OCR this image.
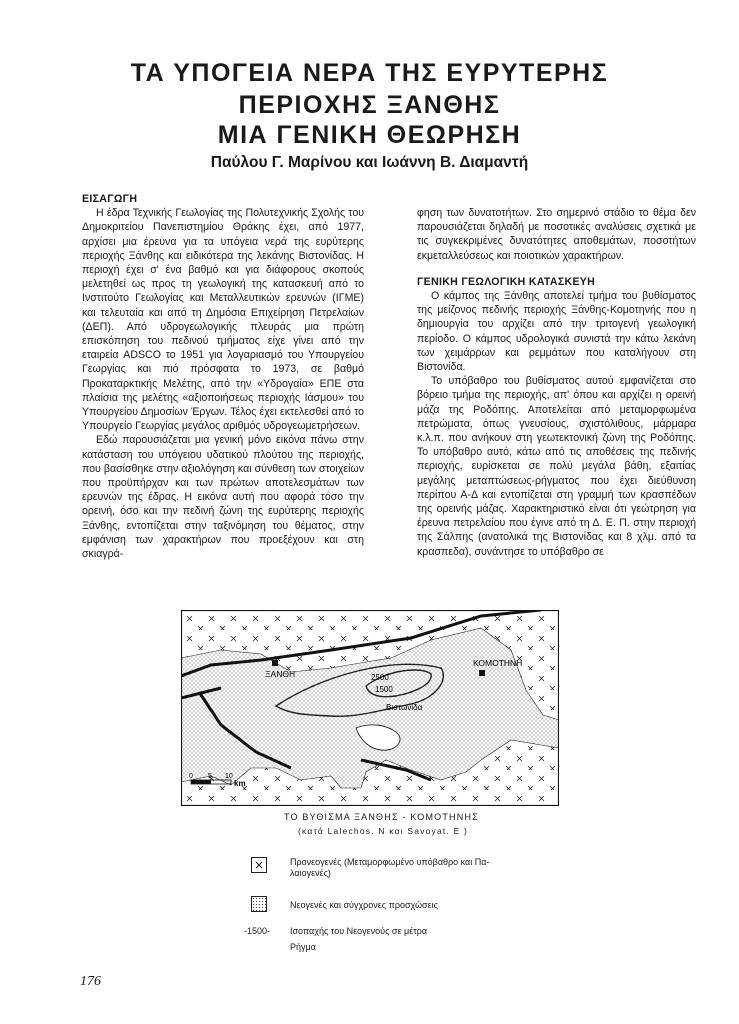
ΤΑ ΥΠΟΓΕΙΑ ΝΕΡΑ ΤΗΣ ΕΥΡΥΤΕΡΗΣ
ΠΕΡΙΟΧΗΣ ΞΑΝΘΗΣ
ΜΙΑ ΓΕΝΙΚΗ ΘΕΩΡΗΣΗ
Παύλου Γ. Μαρίνου και Ιωάννη Β. Διαμαντή
ΕΙΣΑΓΩΓΗ

Η έδρα Τεχνικής Γεωλογίας της Πολυτεχνικής Σχολής του Δημοκριτείου Πανεπιστημίου Θράκης έχει, από 1977, αρχίσει μια έρευνα για τα υπόγεια νερά της ευρύτερης περιοχής Ξάνθης και ειδικότερα της λεκάνης Βιστονίδας. Η περιοχή έχει σ' ένα βαθμό και για διάφορους σκοπούς μελετηθεί ως προς τη γεωλογική της κατασκευή από το Ινστιτούτο Γεωλογίας και Μεταλλευτικών ερευνών (ΙΓΜΕ) και τελευταία και από τη Δημόσια Επιχείρηση Πετρελαίων (ΔΕΠ). Από υδρογεωλογικής πλευράς μια πρώτη επισκόπηση του πεδινού τμήματος είχε γίνει από την εταιρεία ADSCO το 1951 για λογαριασμό του Υπουργείου Γεωργίας και πιό πρόσφατα το 1973, σε βαθμό Προκαταρκτικής Μελέτης, από την «Υδρογαία» ΕΠΕ στα πλαίσια της μελέτης «αξιοποιήσεως περιοχής Ιάσμου» του Υπουργείου Δημοσίων Έργων. Τέλος έχει εκτελεσθεί από το Υπουργείο Γεωργίας μεγάλος αριθμός υδρογεωμετρήσεων.

Εδώ παρουσιάζεται μια γενική μόνο εικόνα πάνω στην κατάσταση του υπόγειου υδατικού πλούτου της περιοχής, που βασίσθηκε στην αξιολόγηση και σύνθεση των στοιχείων που προϋπήρχαν και των πρώτων αποτελεσμάτων των ερευνών της έδρας. Η εικόνα αυτή που αφορά τόσο την ορεινή, όσο και την πεδινή ζώνη της ευρύτερης περιοχής Ξάνθης, εντοπίζεται στην ταξινόμηση του θέματος, στην εμφάνιση των χαρακτήρων που προεξέχουν και στη σκιαγρά-

φηση των δυνατοτήτων. Στο σημερινό στάδιο το θέμα δεν παρουσιάζεται δηλαδή με ποσοτικές αναλύσεις σχετικά με τις συγκεκριμένες δυνατότητες αποθεμάτων, ποσοτήτων εκμεταλλεύσεως και ποιοτικών χαρακτήρων.

ΓΕΝΙΚΗ ΓΕΩΛΟΓΙΚΗ ΚΑΤΑΣΚΕΥΗ

Ο κάμπος της Ξάνθης αποτελεί τμήμα του βυθίσματος της μείζονος πεδινής περιοχής Ξάνθης-Κομοτηνής που η δημιουργία του αρχίζει από την τριτογενή γεωλογική περίοδο. Ο κάμπος υδρολογικά συνιστά την κάτω λεκάνη των χειμάρρων και ρεμμάτων που καταλήγουν στη Βιστονίδα.

Το υπόβαθρο του βυθίσματος αυτού εμφανίζεται στο βόρειο τμήμα της περιοχής, απ' όπου και αρχίζει η ορεινή μάζα της Ροδόπης. Αποτελείται από μεταμορφωμένα πετρώματα, όπως γνευσίους, σχιστόλιθους, μάρμαρα κ.λ.π. που ανήκουν στη γεωτεκτονική ζώνη της Ροδόπης. Το υπόβαθρο αυτό, κάτω από τις αποθέσεις της πεδινής περιοχής, ευρίσκεται σε πολύ μεγάλα βάθη, εξαιτίας μεγάλης μεταπτώσεως-ρήγματος που έχει διεύθυνση περίπου Α-Δ και εντοπίζεται στη γραμμή των κρασπέδων της ορεινής μάζας. Χαρακτηριστικό είναι ότι γεώτρηση για έρευνα πετρελαίου που έγινε από τη Δ. Ε. Π. στην περιοχή της Σάλπης (ανατολικά της Βιστονίδας και 8 χλμ. από τα κρασπεδα), συνάντησε το υπόβαθρο σε

ΞΑΝΘΗ
ΚΟΜΟΤΗΝΗ
2500
1500
Βιστωνίδα
0 5 10
km
ΤΟ ΒΥΘΙΣΜΑ ΞΑΝΘΗΣ - ΚΟΜΟΤΗΝΗΣ
(κατά Lalechos. N και Savoyat. E )
Προνεογενές (Μεταμορφωμένο υπόβαθρο και Πα-
λαιογενές)
Νεογενές και σύγχρονες προσχώσεις
-1500- Ισοπαχής του Νεογενούς σε μέτρα
Ρήγμα
176
